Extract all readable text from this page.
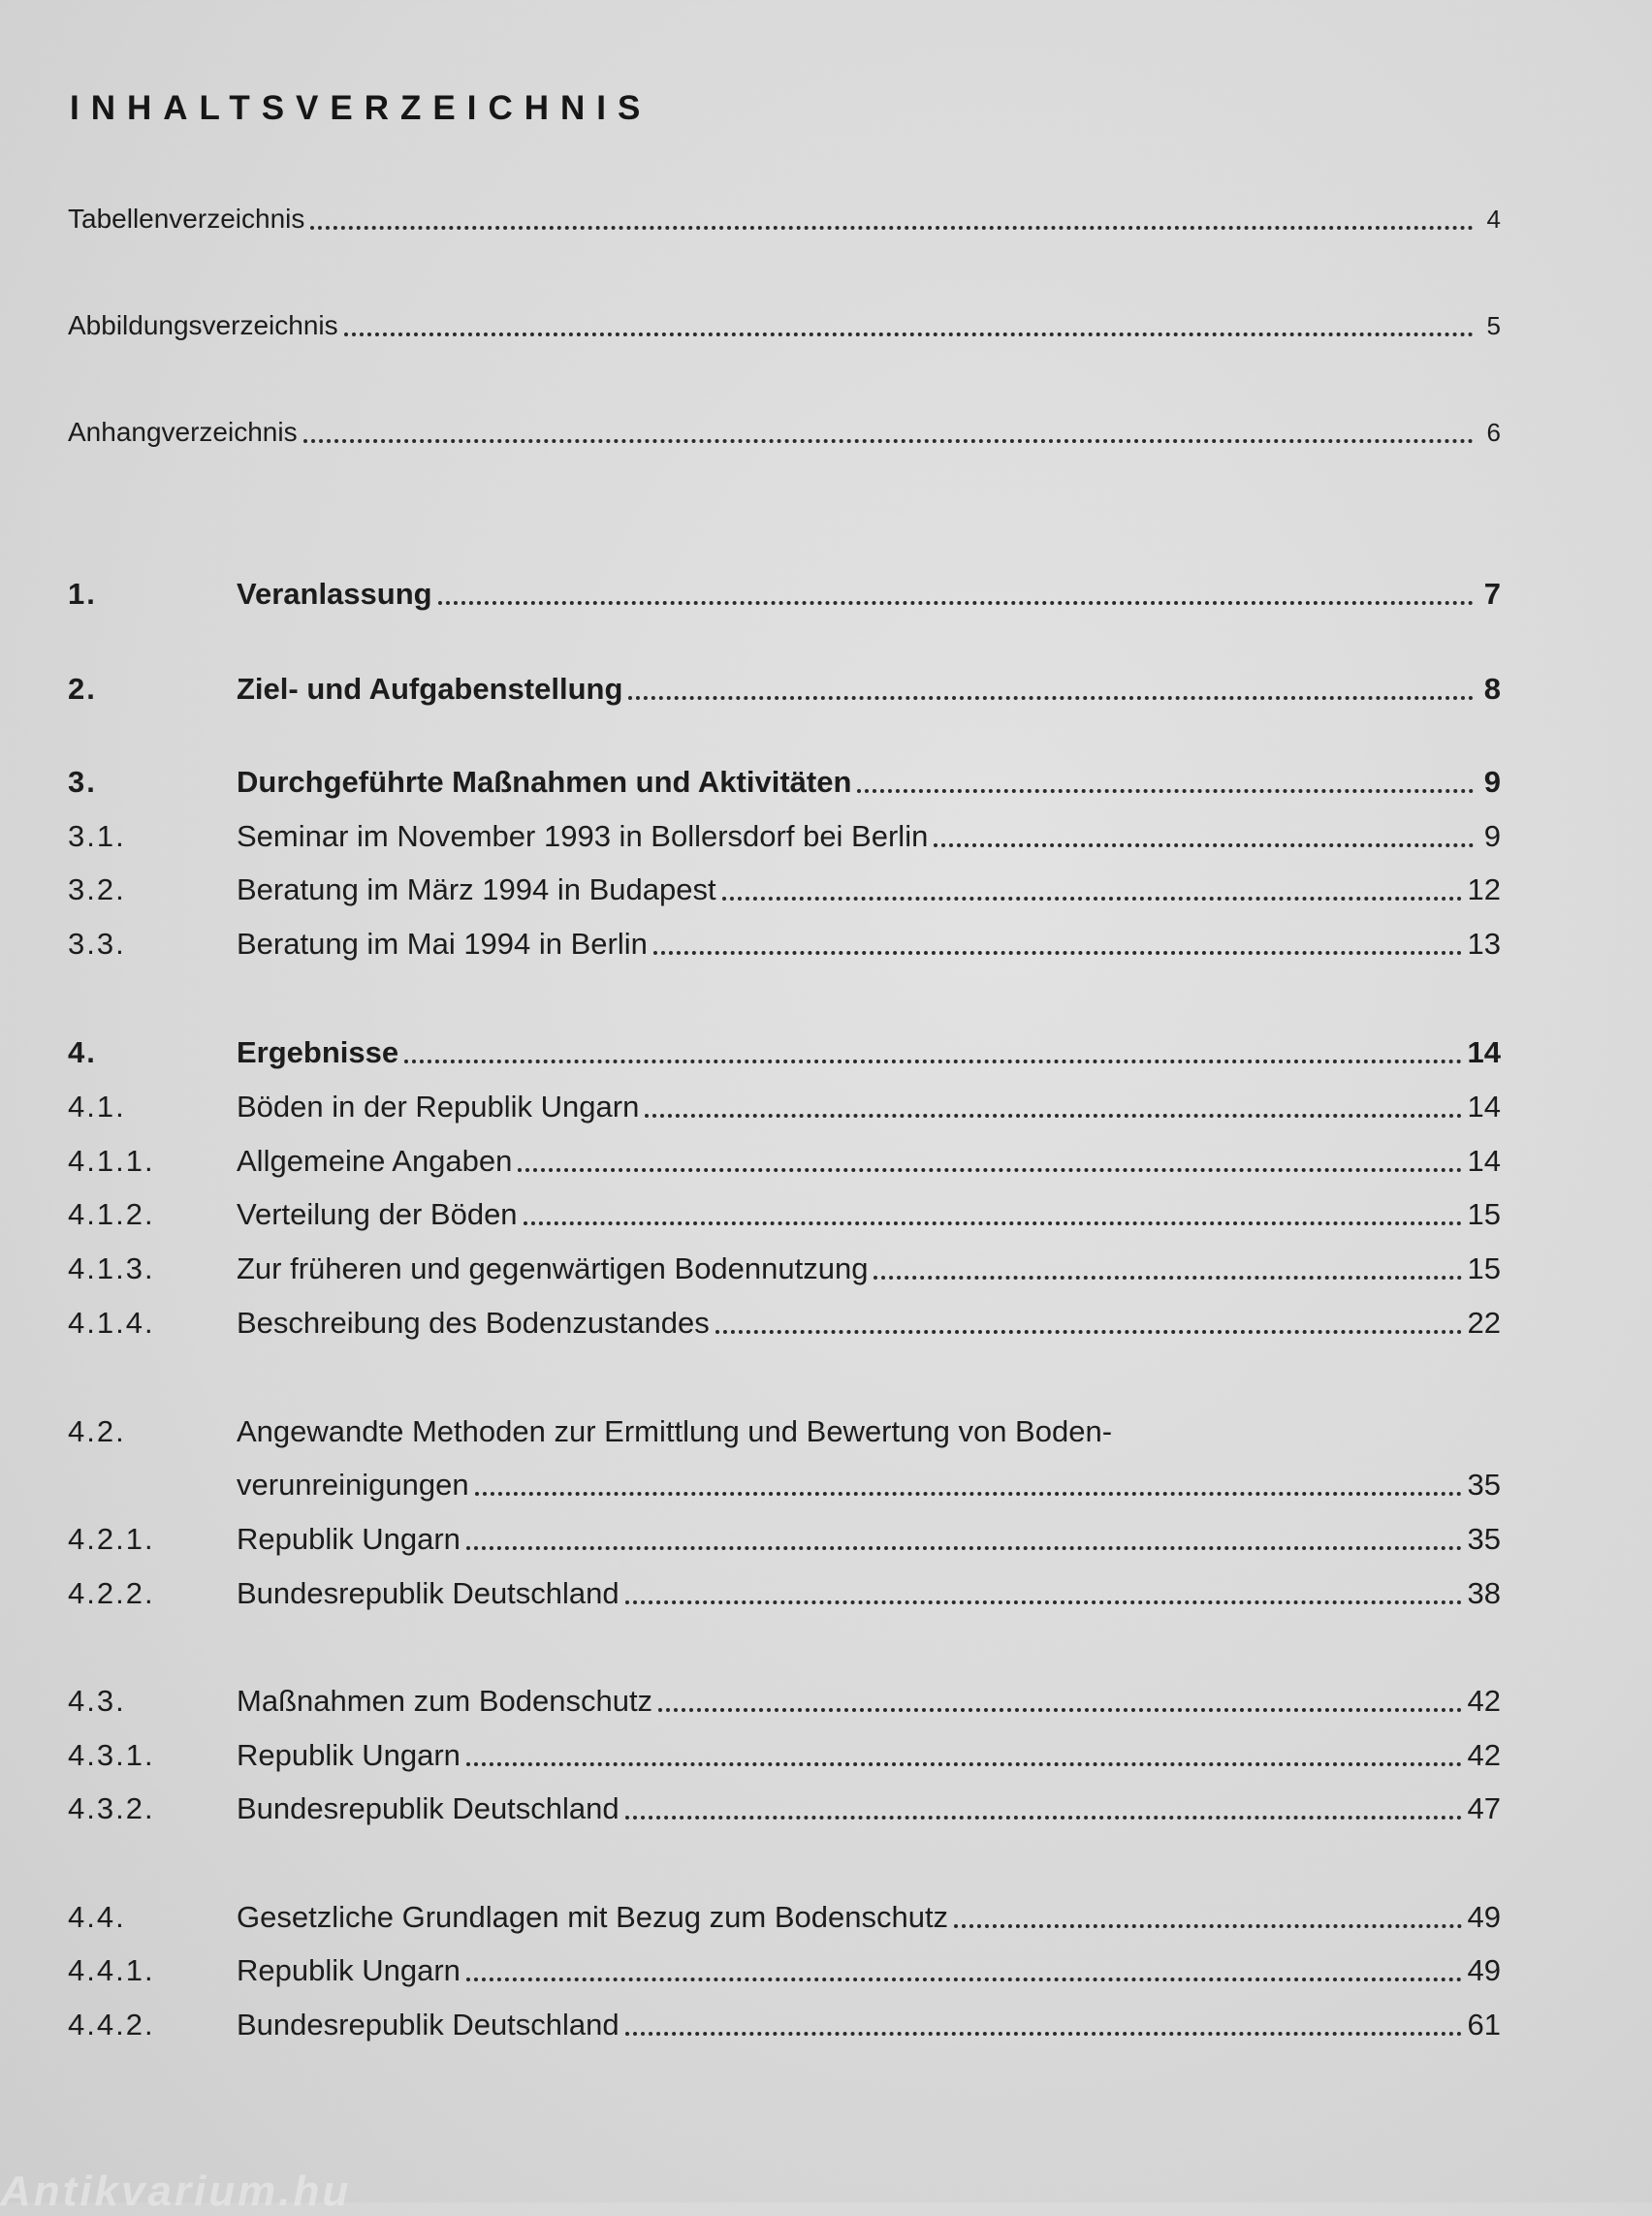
INHALTSVERZEICHNIS
Tabellenverzeichnis	4
Abbildungsverzeichnis	5
Anhangverzeichnis	6
1.	Veranlassung	7
2.	Ziel- und Aufgabenstellung	8
3.	Durchgeführte Maßnahmen und Aktivitäten	9
3.1.	Seminar im November 1993 in Bollersdorf bei Berlin	9
3.2.	Beratung im März 1994 in Budapest	12
3.3.	Beratung im Mai 1994 in Berlin	13
4.	Ergebnisse	14
4.1.	Böden in der Republik Ungarn	14
4.1.1.	Allgemeine Angaben	14
4.1.2.	Verteilung der Böden	15
4.1.3.	Zur früheren und gegenwärtigen Bodennutzung	15
4.1.4.	Beschreibung des Bodenzustandes	22
4.2.	Angewandte Methoden zur Ermittlung und Bewertung von Boden-
verunreinigungen	35
4.2.1.	Republik Ungarn	35
4.2.2.	Bundesrepublik Deutschland	38
4.3.	Maßnahmen zum Bodenschutz	42
4.3.1.	Republik Ungarn	42
4.3.2.	Bundesrepublik Deutschland	47
4.4.	Gesetzliche Grundlagen mit Bezug zum Bodenschutz	49
4.4.1.	Republik Ungarn	49
4.4.2.	Bundesrepublik Deutschland	61
Antikvarium.hu
